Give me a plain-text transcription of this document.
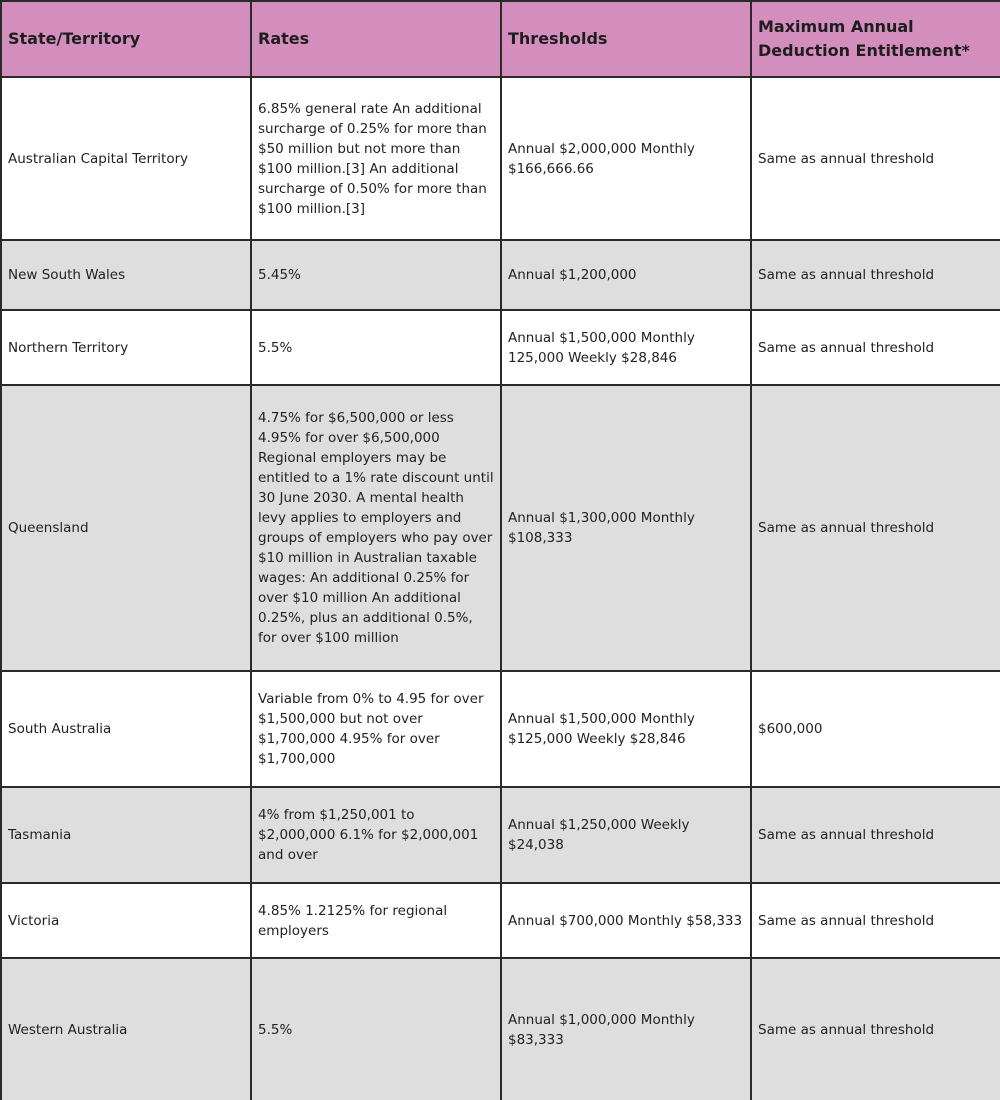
State/Territory	Rates	Thresholds	Maximum Annual Deduction Entitlement*
Australian Capital Territory	6.85% general rate An additional surcharge of 0.25% for more than $50 million but not more than $100 million.[3] An additional surcharge of 0.50% for more than $100 million.[3]	Annual $2,000,000 Monthly $166,666.66	Same as annual threshold
New South Wales	5.45%	Annual $1,200,000	Same as annual threshold
Northern Territory	5.5%	Annual $1,500,000 Monthly 125,000 Weekly $28,846	Same as annual threshold
Queensland	4.75% for $6,500,000 or less 4.95% for over $6,500,000 Regional employers may be entitled to a 1% rate discount until 30 June 2030. A mental health levy applies to employers and groups of employers who pay over $10 million in Australian taxable wages: An additional 0.25% for over $10 million An additional 0.25%, plus an additional 0.5%, for over $100 million	Annual $1,300,000 Monthly $108,333	Same as annual threshold
South Australia	Variable from 0% to 4.95 for over $1,500,000 but not over $1,700,000 4.95% for over $1,700,000	Annual $1,500,000 Monthly $125,000 Weekly $28,846	$600,000
Tasmania	4% from $1,250,001 to $2,000,000 6.1% for $2,000,001 and over	Annual $1,250,000 Weekly $24,038	Same as annual threshold
Victoria	4.85% 1.2125% for regional employers	Annual $700,000 Monthly $58,333	Same as annual threshold
Western Australia	5.5%	Annual $1,000,000 Monthly $83,333	Same as annual threshold
